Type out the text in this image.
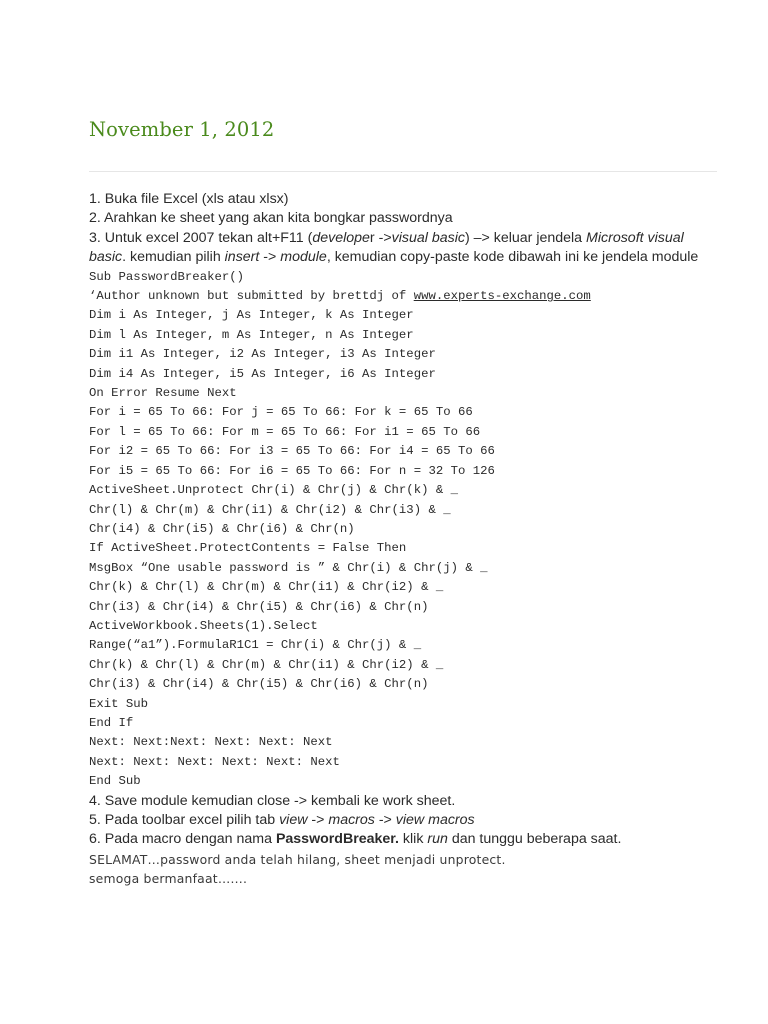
November 1, 2012

1. Buka file Excel (xls atau xlsx)

2. Arahkan ke sheet yang akan kita bongkar passwordnya

3. Untuk excel 2007 tekan alt+F11 (developer ->visual basic) –> keluar jendela Microsoft visual basic. kemudian pilih insert -> module, kemudian copy-paste kode dibawah ini ke jendela module

Sub PasswordBreaker()
‘Author unknown but submitted by brettdj of www.experts-exchange.com
Dim i As Integer, j As Integer, k As Integer
Dim l As Integer, m As Integer, n As Integer
Dim i1 As Integer, i2 As Integer, i3 As Integer
Dim i4 As Integer, i5 As Integer, i6 As Integer
On Error Resume Next
For i = 65 To 66: For j = 65 To 66: For k = 65 To 66
For l = 65 To 66: For m = 65 To 66: For i1 = 65 To 66
For i2 = 65 To 66: For i3 = 65 To 66: For i4 = 65 To 66
For i5 = 65 To 66: For i6 = 65 To 66: For n = 32 To 126
ActiveSheet.Unprotect Chr(i) & Chr(j) & Chr(k) & _
Chr(l) & Chr(m) & Chr(i1) & Chr(i2) & Chr(i3) & _
Chr(i4) & Chr(i5) & Chr(i6) & Chr(n)
If ActiveSheet.ProtectContents = False Then
MsgBox “One usable password is ” & Chr(i) & Chr(j) & _
Chr(k) & Chr(l) & Chr(m) & Chr(i1) & Chr(i2) & _
Chr(i3) & Chr(i4) & Chr(i5) & Chr(i6) & Chr(n)
ActiveWorkbook.Sheets(1).Select
Range(“a1”).FormulaR1C1 = Chr(i) & Chr(j) & _
Chr(k) & Chr(l) & Chr(m) & Chr(i1) & Chr(i2) & _
Chr(i3) & Chr(i4) & Chr(i5) & Chr(i6) & Chr(n)
Exit Sub
End If
Next: Next:Next: Next: Next: Next
Next: Next: Next: Next: Next: Next
End Sub

4. Save module kemudian close -> kembali ke work sheet.

5. Pada toolbar excel pilih tab view -> macros -> view macros

6. Pada macro dengan nama PasswordBreaker. klik run dan tunggu beberapa saat.

SELAMAT…password anda telah hilang, sheet menjadi unprotect.

semoga bermanfaat…….
